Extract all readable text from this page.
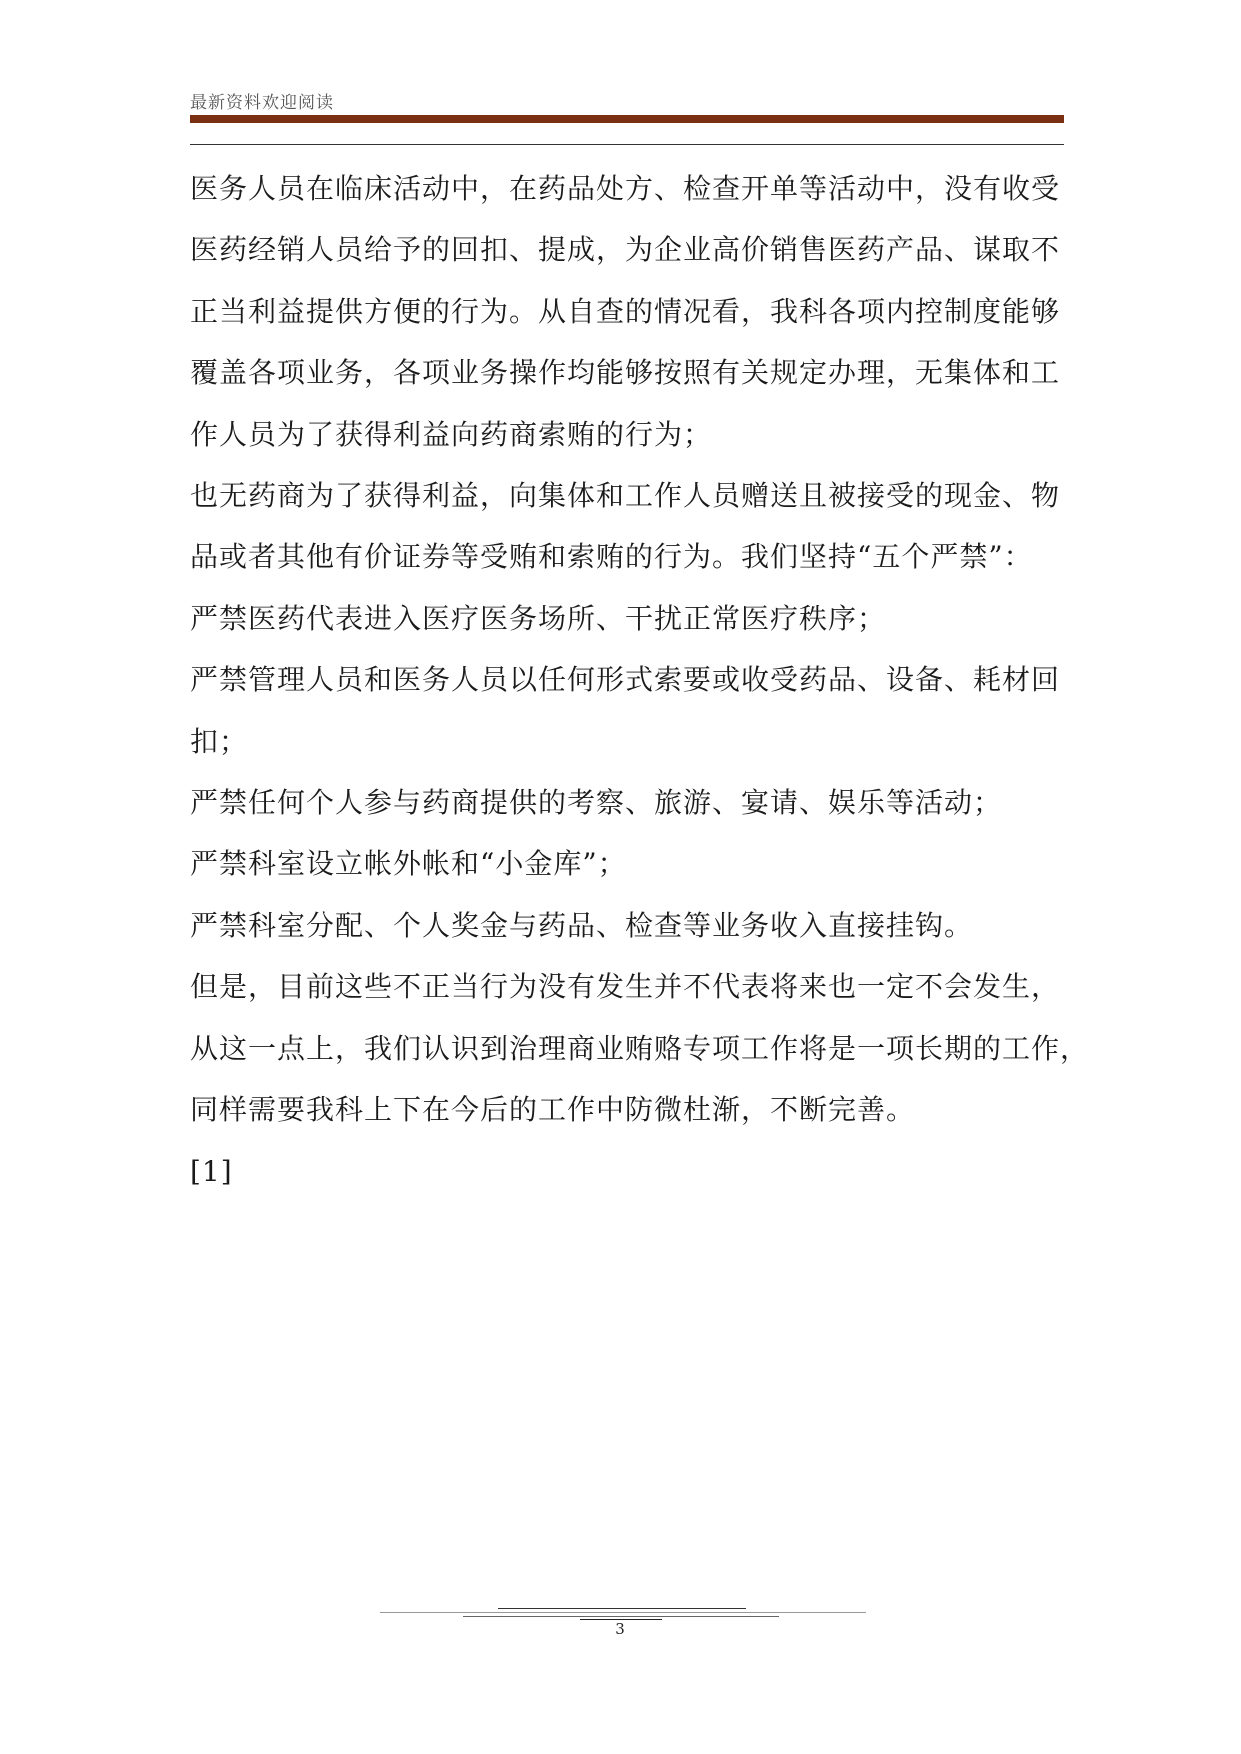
最新资料欢迎阅读
医务人员在临床活动中，在药品处方、检查开单等活动中，没有收受
医药经销人员给予的回扣、提成，为企业高价销售医药产品、谋取不
正当利益提供方便的行为。从自查的情况看，我科各项内控制度能够
覆盖各项业务，各项业务操作均能够按照有关规定办理，无集体和工
作人员为了获得利益向药商索贿的行为；
也无药商为了获得利益，向集体和工作人员赠送且被接受的现金、物
品或者其他有价证券等受贿和索贿的行为。我们坚持“五个严禁”：
严禁医药代表进入医疗医务场所、干扰正常医疗秩序；
严禁管理人员和医务人员以任何形式索要或收受药品、设备、耗材回
扣；
严禁任何个人参与药商提供的考察、旅游、宴请、娱乐等活动；
严禁科室设立帐外帐和“小金库”；
严禁科室分配、个人奖金与药品、检查等业务收入直接挂钩。
但是，目前这些不正当行为没有发生并不代表将来也一定不会发生，
从这一点上，我们认识到治理商业贿赂专项工作将是一项长期的工作，
同样需要我科上下在今后的工作中防微杜渐，不断完善。
[1]
3
